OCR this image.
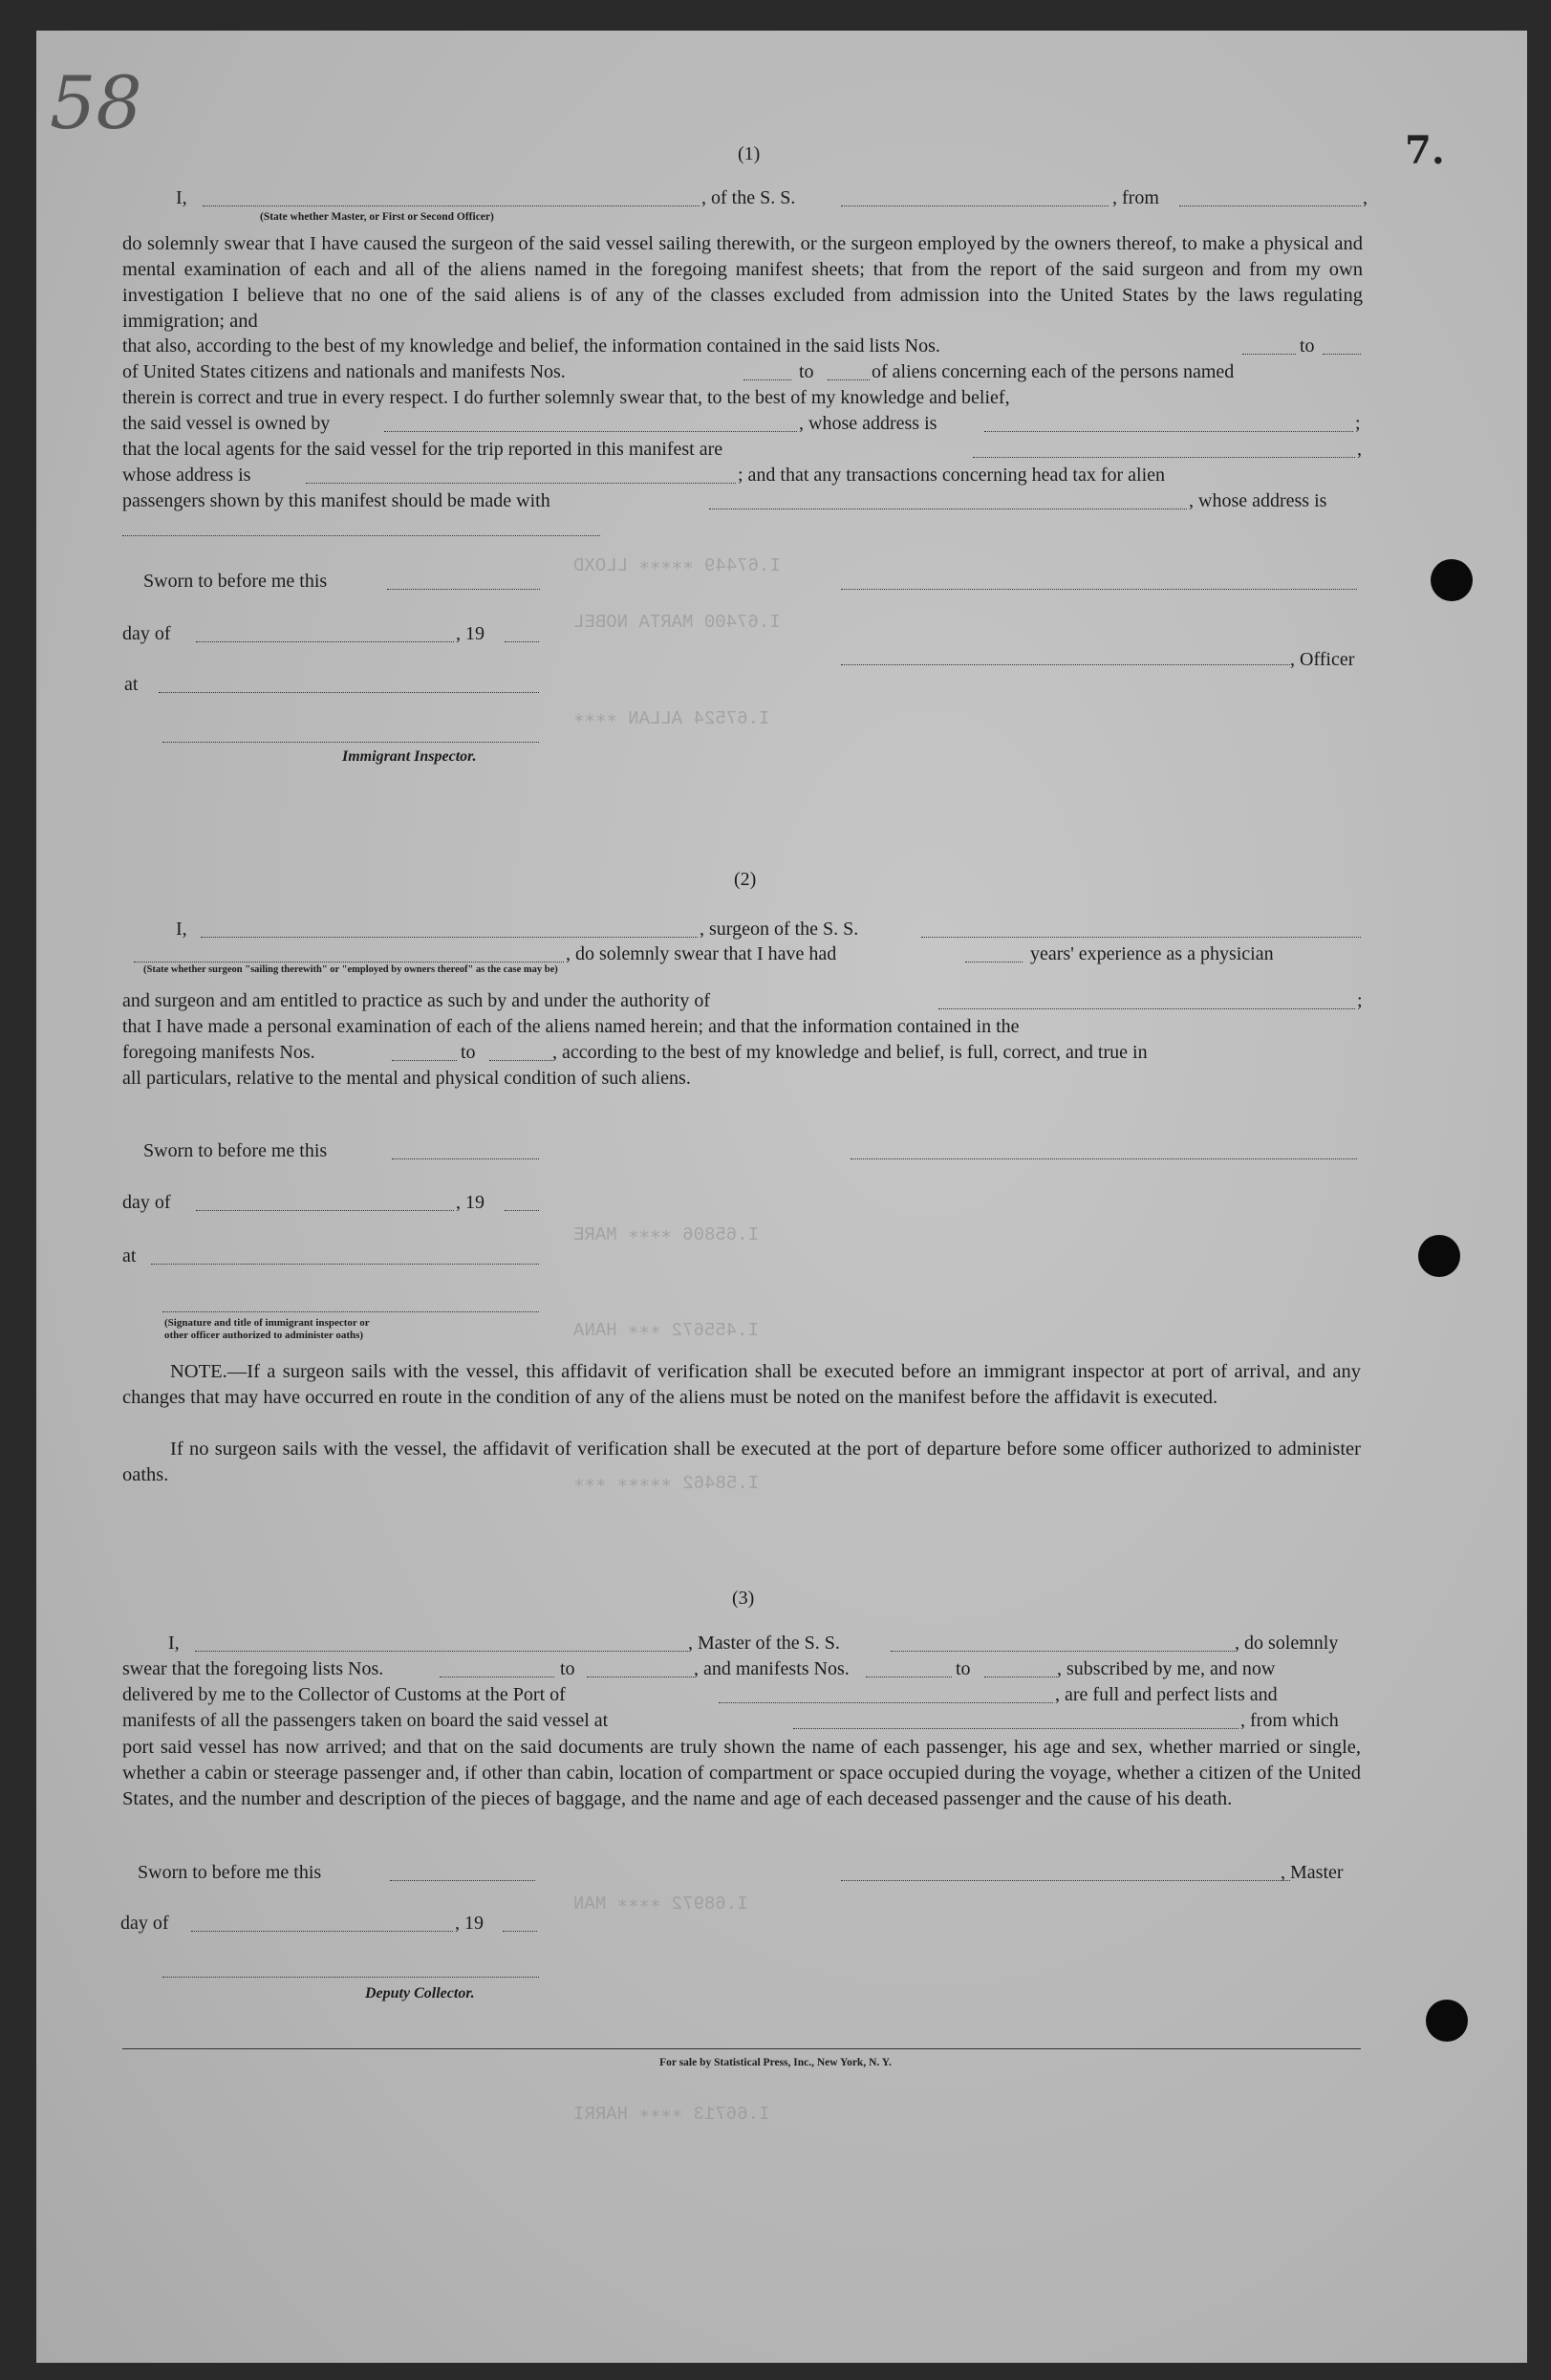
I.67449 ∗∗∗∗∗ LLOXD
I.67400 MARTA NOBEL
I.67524 ALLAN ∗∗∗∗
I.65806 ∗∗∗∗ MARE
I.455672 ∗∗∗ HANA
I.58462 ∗∗∗∗∗ ∗∗∗
I.68972 ∗∗∗∗ MAN
I.66713 ∗∗∗∗ HARRI
58
7.
(1)
I,	, of the S. S.	, from	,
(State whether Master, or First or Second Officer)
do solemnly swear that I have caused the surgeon of the said vessel sailing therewith, or the surgeon employed by the owners thereof, to make a physical and mental examination of each and all of the aliens named in the foregoing manifest sheets; that from the report of the said surgeon and from my own investigation I believe that no one of the said aliens is of any of the classes excluded from admission into the United States by the laws regulating immigration; and
that also, according to the best of my knowledge and belief, the information contained in the said lists Nos.	to
of United States citizens and nationals and manifests Nos.	to	of aliens concerning each of the persons named
therein is correct and true in every respect. I do further solemnly swear that, to the best of my knowledge and belief,
the said vessel is owned by	, whose address is	;
that the local agents for the said vessel for the trip reported in this manifest are	,
whose address is	; and that any transactions concerning head tax for alien
passengers shown by this manifest should be made with	, whose address is
Sworn to before me this
day of	, 19
, Officer
at
Immigrant Inspector.
(2)
I,	, surgeon of the S. S.
, do solemnly swear that I have had	years' experience as a physician
(State whether surgeon "sailing therewith" or "employed by owners thereof" as the case may be)
and surgeon and am entitled to practice as such by and under the authority of	;
that I have made a personal examination of each of the aliens named herein; and that the information contained in the
foregoing manifests Nos.	to	, according to the best of my knowledge and belief, is full, correct, and true in
all particulars, relative to the mental and physical condition of such aliens.
Sworn to before me this
day of	, 19
at
(Signature and title of immigrant inspector or
other officer authorized to administer oaths)
NOTE.—If a surgeon sails with the vessel, this affidavit of verification shall be executed before an immigrant inspector at port of arrival, and any changes that may have occurred en route in the condition of any of the aliens must be noted on the manifest before the affidavit is executed.
If no surgeon sails with the vessel, the affidavit of verification shall be executed at the port of departure before some officer authorized to administer oaths.
(3)
I,	, Master of the S. S.	, do solemnly
swear that the foregoing lists Nos.	to	, and manifests Nos.	to	, subscribed by me, and now
delivered by me to the Collector of Customs at the Port of	, are full and perfect lists and
manifests of all the passengers taken on board the said vessel at	, from which
port said vessel has now arrived; and that on the said documents are truly shown the name of each passenger, his age and sex, whether married or single, whether a cabin or steerage passenger and, if other than cabin, location of compartment or space occupied during the voyage, whether a citizen of the United States, and the number and description of the pieces of baggage, and the name and age of each deceased passenger and the cause of his death.
Sworn to before me this	, Master
day of	, 19
Deputy Collector.
For sale by Statistical Press, Inc., New York, N. Y.
